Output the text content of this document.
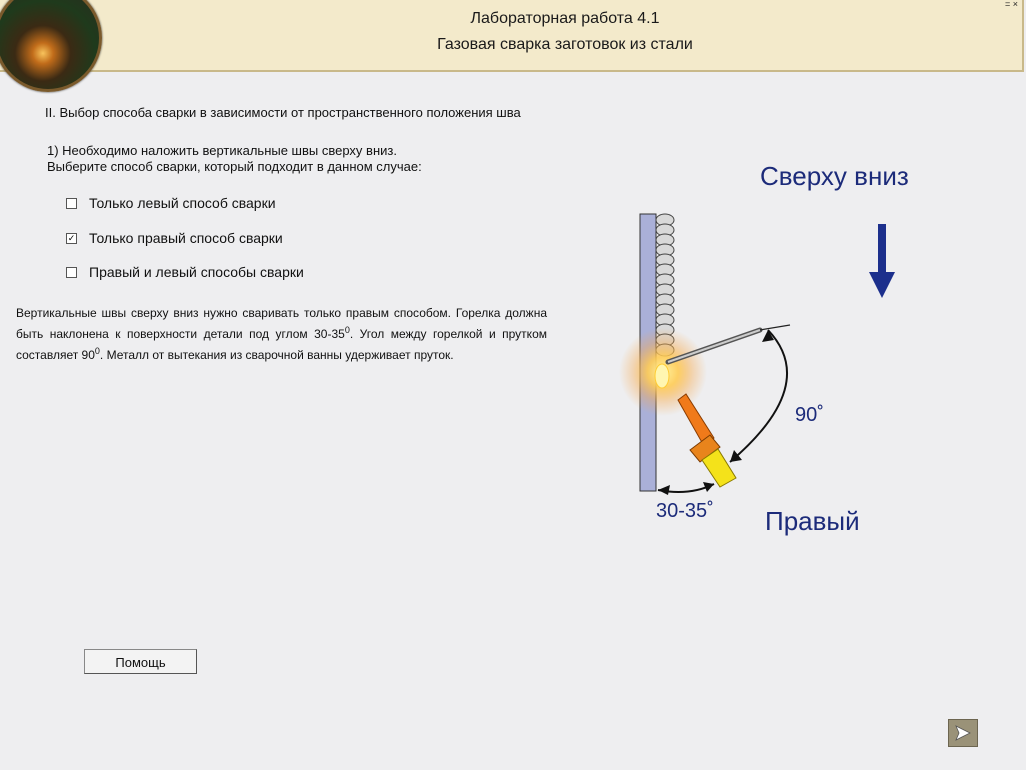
Лабораторная работа 4.1
Газовая сварка заготовок из стали
= ×
II. Выбор способа сварки в зависимости от пространственного положения шва
1) Необходимо наложить вертикальные швы сверху вниз.
Выберите способ сварки, который подходит в данном случае:
Только левый способ сварки
✓ Только правый способ сварки
Правый и левый способы сварки
Вертикальные швы сверху вниз нужно сваривать только правым способом. Горелка должна быть наклонена к поверхности детали под углом $30-35^0$. Угол между горелкой и прутком составляет $90^0$. Металл от вытекания из сварочной ванны удерживает пруток.
Сверху вниз
Правый
90˚
30-35˚
Помощь
